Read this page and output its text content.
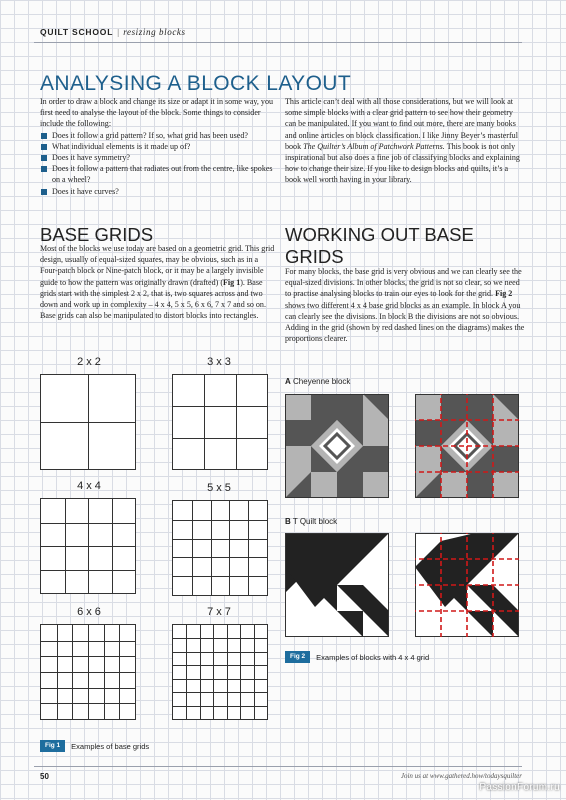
QUILT SCHOOL | resizing blocks
ANALYSING A BLOCK LAYOUT
In order to draw a block and change its size or adapt it in some way, you first need to analyse the layout of the block. Some things to consider include the following:
Does it follow a grid pattern? If so, what grid has been used?
What individual elements is it made up of?
Does it have symmetry?
Does it follow a pattern that radiates out from the centre, like spokes on a wheel?
Does it have curves?
This article can’t deal with all those considerations, but we will look at some simple blocks with a clear grid pattern to see how their geometry can be manipulated. If you want to find out more, there are many books and online articles on block classification. I like Jinny Beyer’s masterful book The Quilter’s Album of Patchwork Patterns. This book is not only inspirational but also does a fine job of classifying blocks and explaining how to change their size. If you like to design blocks and quilts, it’s a book well worth having in your library.
BASE GRIDS
Most of the blocks we use today are based on a geometric grid. This grid design, usually of equal-sized squares, may be obvious, such as in a Four-patch block or Nine-patch block, or it may be a largely invisible guide to how the pattern was originally drawn (drafted) (Fig 1). Base grids start with the simplest 2 x 2, that is, two squares across and two down and work up in complexity – 4 x 4, 5 x 5, 6 x 6, 7 x 7 and so on. Base grids can also be manipulated to distort blocks into rectangles.
2 x 2	3 x 3
4 x 4	5 x 5
6 x 6	7 x 7
Fig 1	Examples of base grids
WORKING OUT BASE GRIDS
For many blocks, the base grid is very obvious and we can clearly see the equal-sized divisions. In other blocks, the grid is not so clear, so we need to practise analysing blocks to train our eyes to look for the grid. Fig 2 shows two different 4 x 4 base grid blocks as an example. In block A you can clearly see the divisions. In block B the divisions are not so obvious. Adding in the grid (shown by red dashed lines on the diagrams) makes the proportions clearer.
A Cheyenne block
B T Quilt block
Fig 2	Examples of blocks with 4 x 4 grid
50	Join us at www.gathered.how/todaysquilter
PassionForum.ru
